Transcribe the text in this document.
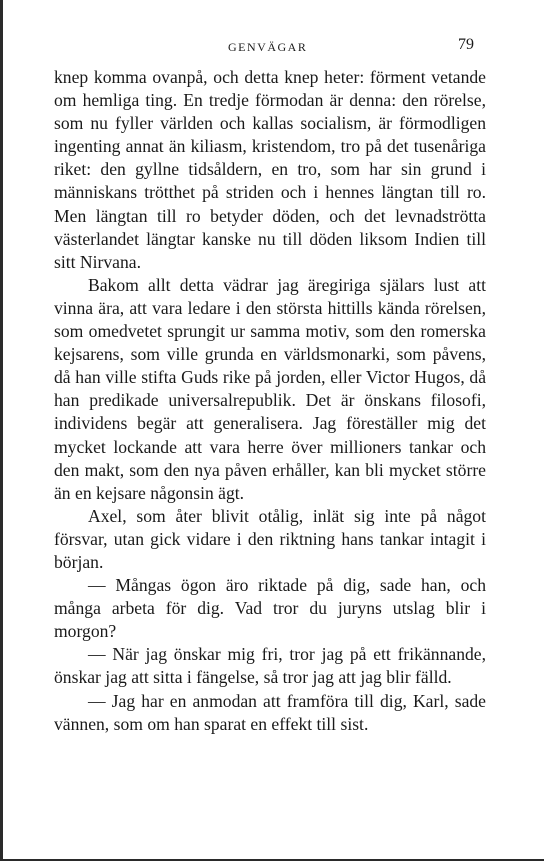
GENVÄGAR	79

knep komma ovanpå, och detta knep heter: förment vetande om hemliga ting. En tredje förmodan är denna: den rörelse, som nu fyller världen och kallas socialism, är förmodligen ingenting annat än kiliasm, kristendom, tro på det tusenåriga riket: den gyllne tidsåldern, en tro, som har sin grund i människans trötthet på striden och i hennes längtan till ro. Men längtan till ro betyder döden, och det levnadströtta västerlandet längtar kanske nu till döden liksom Indien till sitt Nirvana.

Bakom allt detta vädrar jag äregiriga själars lust att vinna ära, att vara ledare i den största hittills kända rörelsen, som omedvetet sprungit ur samma motiv, som den romerska kejsarens, som ville grunda en världsmonarki, som påvens, då han ville stifta Guds rike på jorden, eller Victor Hugos, då han predikade universalrepublik. Det är önskans filosofi, individens begär att generalisera. Jag föreställer mig det mycket lockande att vara herre över millioners tankar och den makt, som den nya påven erhåller, kan bli mycket större än en kejsare någonsin ägt.

Axel, som åter blivit otålig, inlät sig inte på något försvar, utan gick vidare i den riktning hans tankar intagit i början.

— Mångas ögon äro riktade på dig, sade han, och många arbeta för dig. Vad tror du juryns utslag blir i morgon?

— När jag önskar mig fri, tror jag på ett frikännande, önskar jag att sitta i fängelse, så tror jag att jag blir fälld.

— Jag har en anmodan att framföra till dig, Karl, sade vännen, som om han sparat en effekt till sist.
